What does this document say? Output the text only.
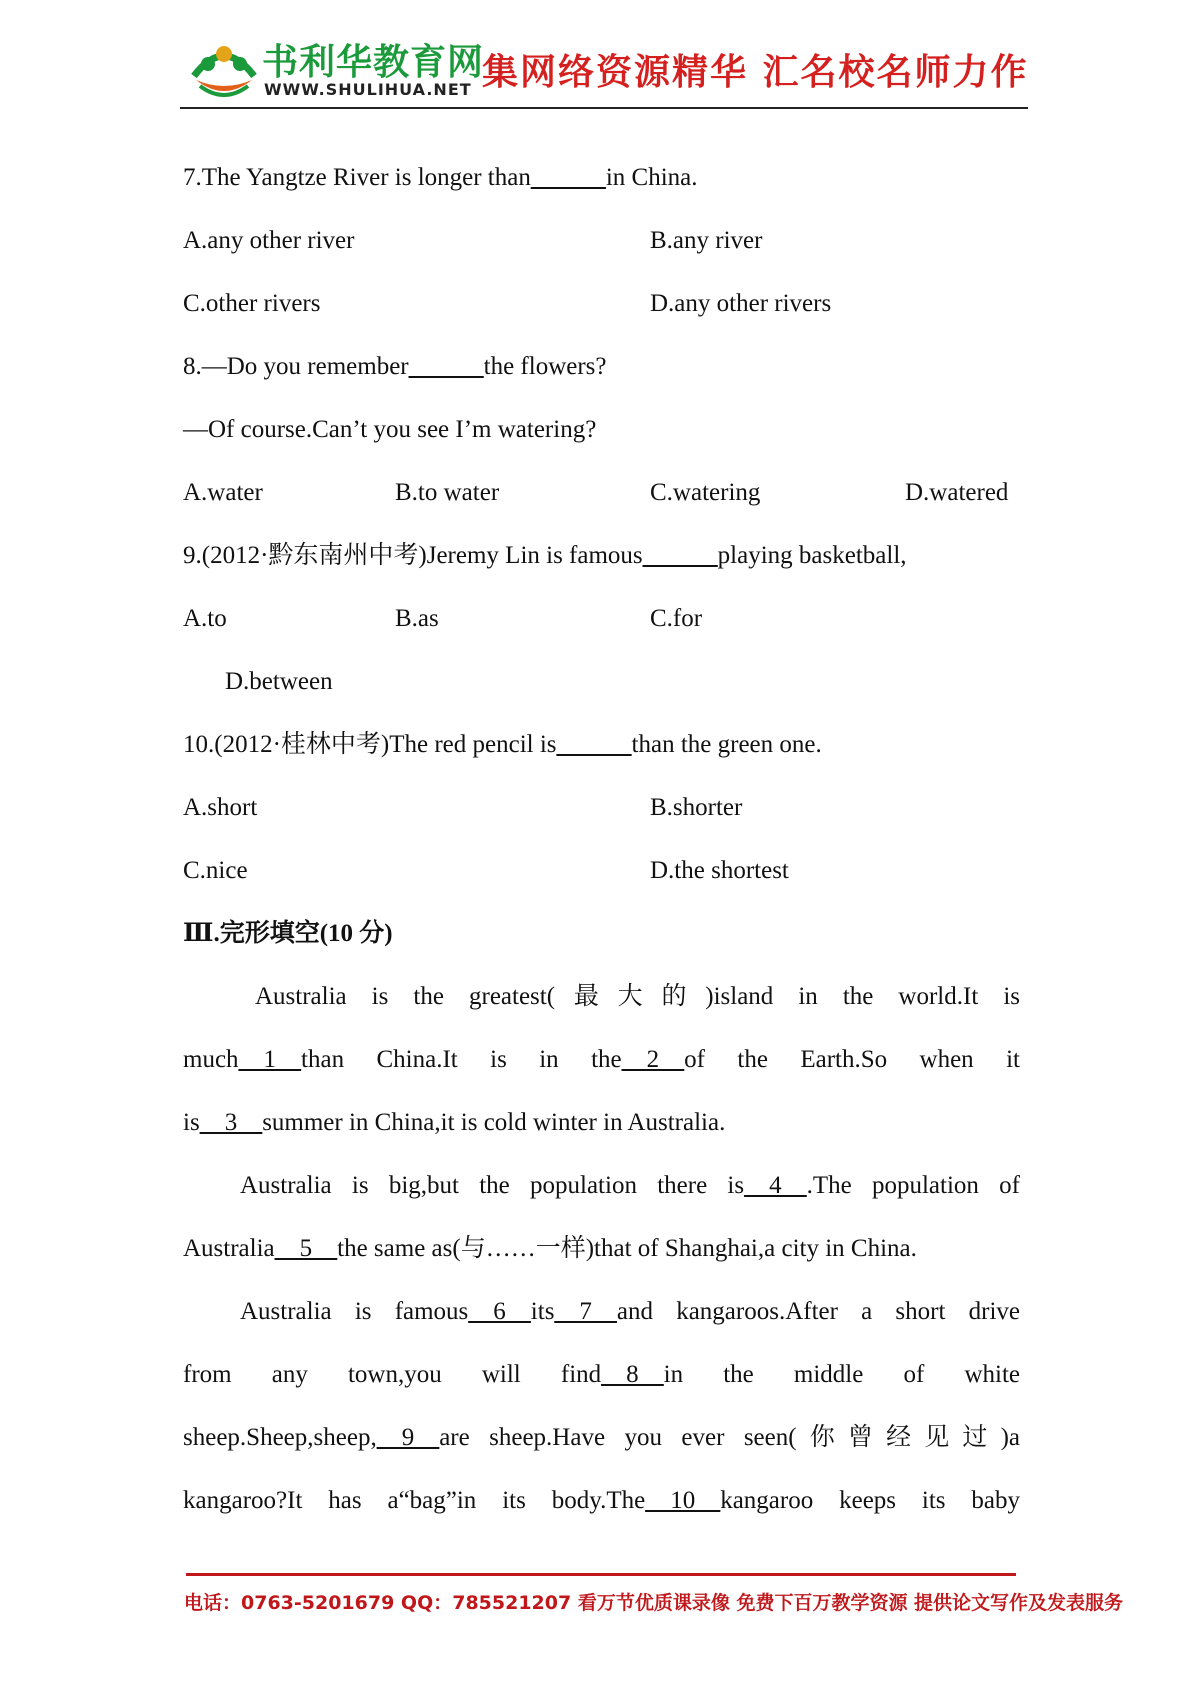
书利华教育网
WWW.SHULIHUA.NET 集网络资源精华 汇名校名师力作
7.The Yangtze River is longer than______in China.
A.any other river	B.any river
C.other rivers	D.any other rivers
8.—Do you remember______the flowers?
—Of course.Can’t you see I’m watering?
A.water	B.to water	C.watering	D.watered
9.(2012·黔东南州中考)Jeremy Lin is famous______playing basketball,
A.to	B.as	C.for
D.between
10.(2012·桂林中考)The red pencil is______than the green one.
A.short	B.shorter
C.nice	D.the shortest
Ⅲ.完形填空(10 分)
Australia is the greatest(最大的)island in the world.It is
much__1__than China.It is in the__2__of the Earth.So when it
is__3__summer in China,it is cold winter in Australia.
Australia is big,but the population there is__4__.The population of
Australia__5__the same as(与……一样)that of Shanghai,a city in China.
Australia is famous__6__its__7__and kangaroos.After a short drive
from any town,you will find__8__in the middle of white
sheep.Sheep,sheep,__9__are sheep.Have you ever seen(你曾经见过)a
kangaroo?It has a“bag”in its body.The__10__kangaroo keeps its baby
电话：0763-5201679 QQ：785521207 看万节优质课录像 免费下百万教学资源 提供论文写作及发表服务
